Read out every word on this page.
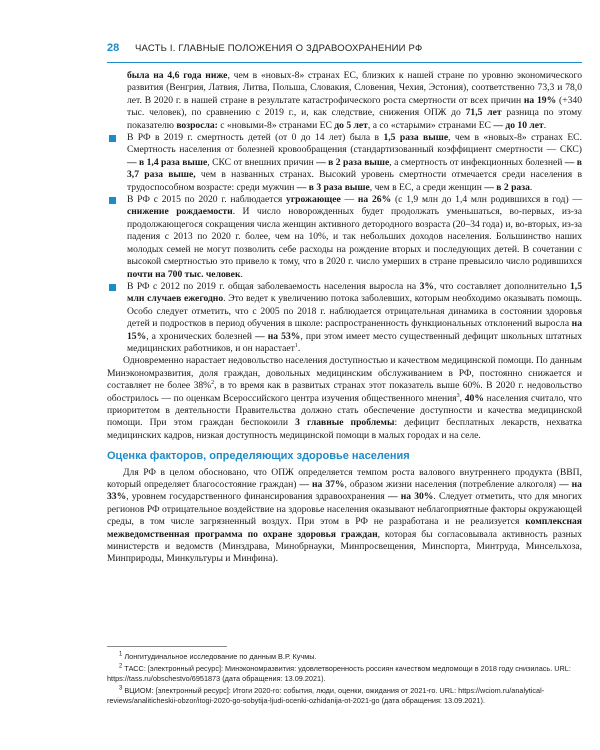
28 ЧАСТЬ I. ГЛАВНЫЕ ПОЛОЖЕНИЯ О ЗДРАВООХРАНЕНИИ РФ
была на 4,6 года ниже, чем в «новых-8» странах ЕС, близких к нашей стране по уровню экономического развития (Венгрия, Латвия, Литва, Польша, Словакия, Словения, Чехия, Эстония), соответственно 73,3 и 78,0 лет. В 2020 г. в нашей стране в результате катастрофического роста смертности от всех причин на 19% (+340 тыс. человек), по сравнению с 2019 г., и, как следствие, снижения ОПЖ до 71,5 лет разница по этому показателю возросла: с «новыми-8» странами ЕС до 5 лет, а со «старыми» странами ЕС — до 10 лет.
В РФ в 2019 г. смертность детей (от 0 до 14 лет) была в 1,5 раза выше, чем в «новых-8» странах ЕС. Смертность населения от болезней кровообращения (стандартизованный коэффициент смертности — СКС) — в 1,4 раза выше, СКС от внешних причин — в 2 раза выше, а смертность от инфекционных болезней — в 3,7 раза выше, чем в названных странах. Высокий уровень смертности отмечается среди населения в трудоспособном возрасте: среди мужчин — в 3 раза выше, чем в ЕС, а среди женщин — в 2 раза.
В РФ с 2015 по 2020 г. наблюдается угрожающее — на 26% (с 1,9 млн до 1,4 млн родившихся в год) — снижение рождаемости. И число новорожденных будет продолжать уменьшаться, во-первых, из-за продолжающегося сокращения числа женщин активного детородного возраста (20–34 года) и, во-вторых, из-за падения с 2013 по 2020 г. более, чем на 10%, и так небольших доходов населения. Большинство наших молодых семей не могут позволить себе расходы на рождение вторых и последующих детей. В сочетании с высокой смертностью это привело к тому, что в 2020 г. число умерших в стране превысило число родившихся почти на 700 тыс. человек.
В РФ с 2012 по 2019 г. общая заболеваемость населения выросла на 3%, что составляет дополнительно 1,5 млн случаев ежегодно. Это ведет к увеличению потока заболевших, которым необходимо оказывать помощь. Особо следует отметить, что с 2005 по 2018 г. наблюдается отрицательная динамика в состоянии здоровья детей и подростков в период обучения в школе: распространенность функциональных отклонений выросла на 15%, а хронических болезней — на 53%, при этом имеет место существенный дефицит школьных штатных медицинских работников, и он нарастает$^1$.

Одновременно нарастает недовольство населения доступностью и качеством медицинской помощи. По данным Минэкономразвития, доля граждан, довольных медицинским обслуживанием в РФ, постоянно снижается и составляет не более 38%$^2$, в то время как в развитых странах этот показатель выше 60%. В 2020 г. недовольство обострилось — по оценкам Всероссийского центра изучения общественного мнения$^3$, 40% населения считало, что приоритетом в деятельности Правительства должно стать обеспечение доступности и качества медицинской помощи. При этом граждан беспокоили 3 главные проблемы: дефицит бесплатных лекарств, нехватка медицинских кадров, низкая доступность медицинской помощи в малых городах и на селе.

Оценка факторов, определяющих здоровье населения

Для РФ в целом обосновано, что ОПЖ определяется темпом роста валового внутреннего продукта (ВВП, который определяет благосостояние граждан) — на 37%, образом жизни населения (потребление алкоголя) — на 33%, уровнем государственного финансирования здравоохранения — на 30%. Следует отметить, что для многих регионов РФ отрицательное воздействие на здоровье населения оказывают неблагоприятные факторы окружающей среды, в том числе загрязненный воздух. При этом в РФ не разработана и не реализуется комплексная межведомственная программа по охране здоровья граждан, которая бы согласовывала активность разных министерств и ведомств (Минздрава, Минобрнауки, Минпросвещения, Минспорта, Минтруда, Минсельхоза, Минприроды, Минкультуры и Минфина).

$^1$ Лонгитудинальное исследование по данным В.Р. Кучмы.

$^2$ ТАСС: [электронный ресурс]: Минэкономразвития: удовлетворенность россиян качеством медпомощи в 2018 году снизилась. URL: https://tass.ru/obschestvo/6951873 (дата обращения: 13.09.2021).

$^3$ ВЦИОМ: [электронный ресурс]: Итоги 2020-го: события, люди, оценки, ожидания от 2021-го. URL: https://wciom.ru/analytical-reviews/analiticheskii-obzor/itogi-2020-go-sobytija-ljudi-ocenki-ozhidanija-ot-2021-go (дата обращения: 13.09.2021).
